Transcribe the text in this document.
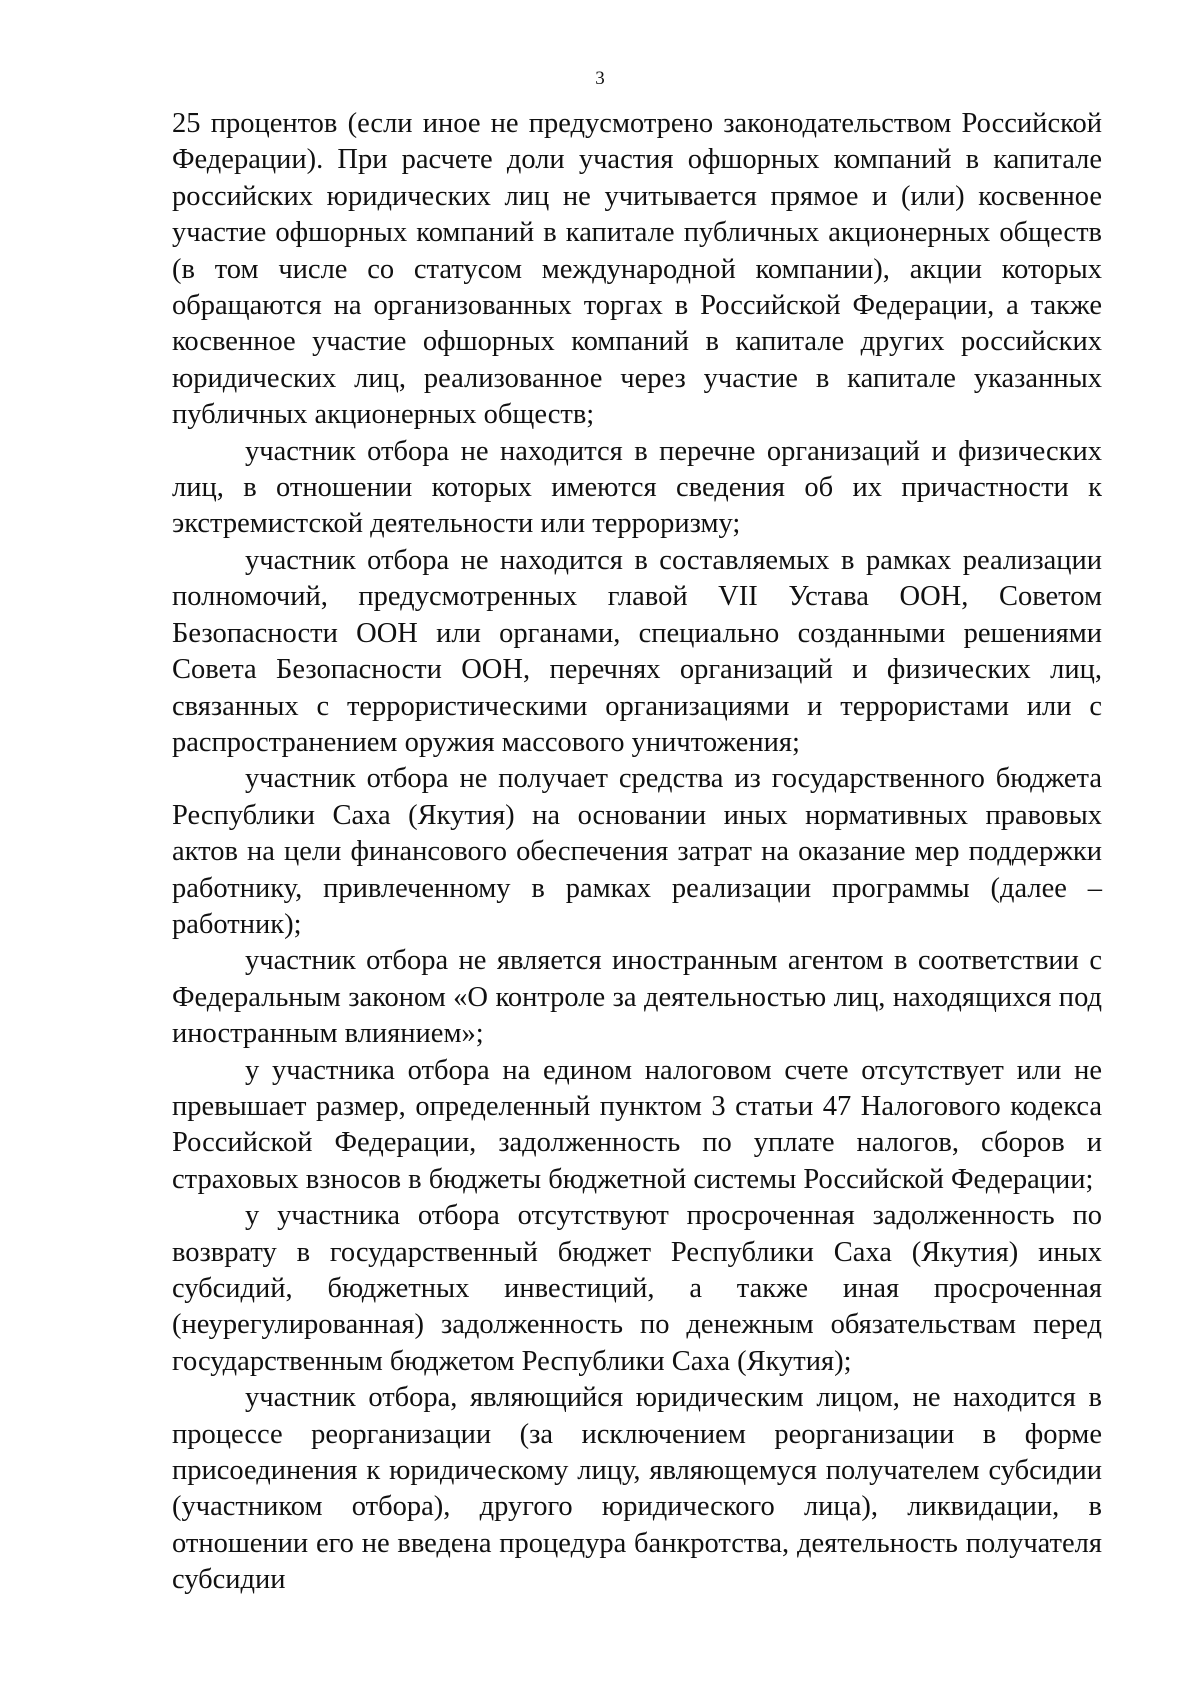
3

25 процентов (если иное не предусмотрено законодательством Российской Федерации). При расчете доли участия офшорных компаний в капитале российских юридических лиц не учитывается прямое и (или) косвенное участие офшорных компаний в капитале публичных акционерных обществ (в том числе со статусом международной компании), акции которых обращаются на организованных торгах в Российской Федерации, а также косвенное участие офшорных компаний в капитале других российских юридических лиц, реализованное через участие в капитале указанных публичных акционерных обществ;

участник отбора не находится в перечне организаций и физических лиц, в отношении которых имеются сведения об их причастности к экстремистской деятельности или терроризму;

участник отбора не находится в составляемых в рамках реализации полномочий, предусмотренных главой VII Устава ООН, Советом Безопасности ООН или органами, специально созданными решениями Совета Безопасности ООН, перечнях организаций и физических лиц, связанных с террористическими организациями и террористами или с распространением оружия массового уничтожения;

участник отбора не получает средства из государственного бюджета Республики Саха (Якутия) на основании иных нормативных правовых актов на цели финансового обеспечения затрат на оказание мер поддержки работнику, привлеченному в рамках реализации программы (далее – работник);

участник отбора не является иностранным агентом в соответствии с Федеральным законом «О контроле за деятельностью лиц, находящихся под иностранным влиянием»;

у участника отбора на едином налоговом счете отсутствует или не превышает размер, определенный пунктом 3 статьи 47 Налогового кодекса Российской Федерации, задолженность по уплате налогов, сборов и страховых взносов в бюджеты бюджетной системы Российской Федерации;

у участника отбора отсутствуют просроченная задолженность по возврату в государственный бюджет Республики Саха (Якутия) иных субсидий, бюджетных инвестиций, а также иная просроченная (неурегулированная) задолженность по денежным обязательствам перед государственным бюджетом Республики Саха (Якутия);

участник отбора, являющийся юридическим лицом, не находится в процессе реорганизации (за исключением реорганизации в форме присоединения к юридическому лицу, являющемуся получателем субсидии (участником отбора), другого юридического лица), ликвидации, в отношении его не введена процедура банкротства, деятельность получателя субсидии
